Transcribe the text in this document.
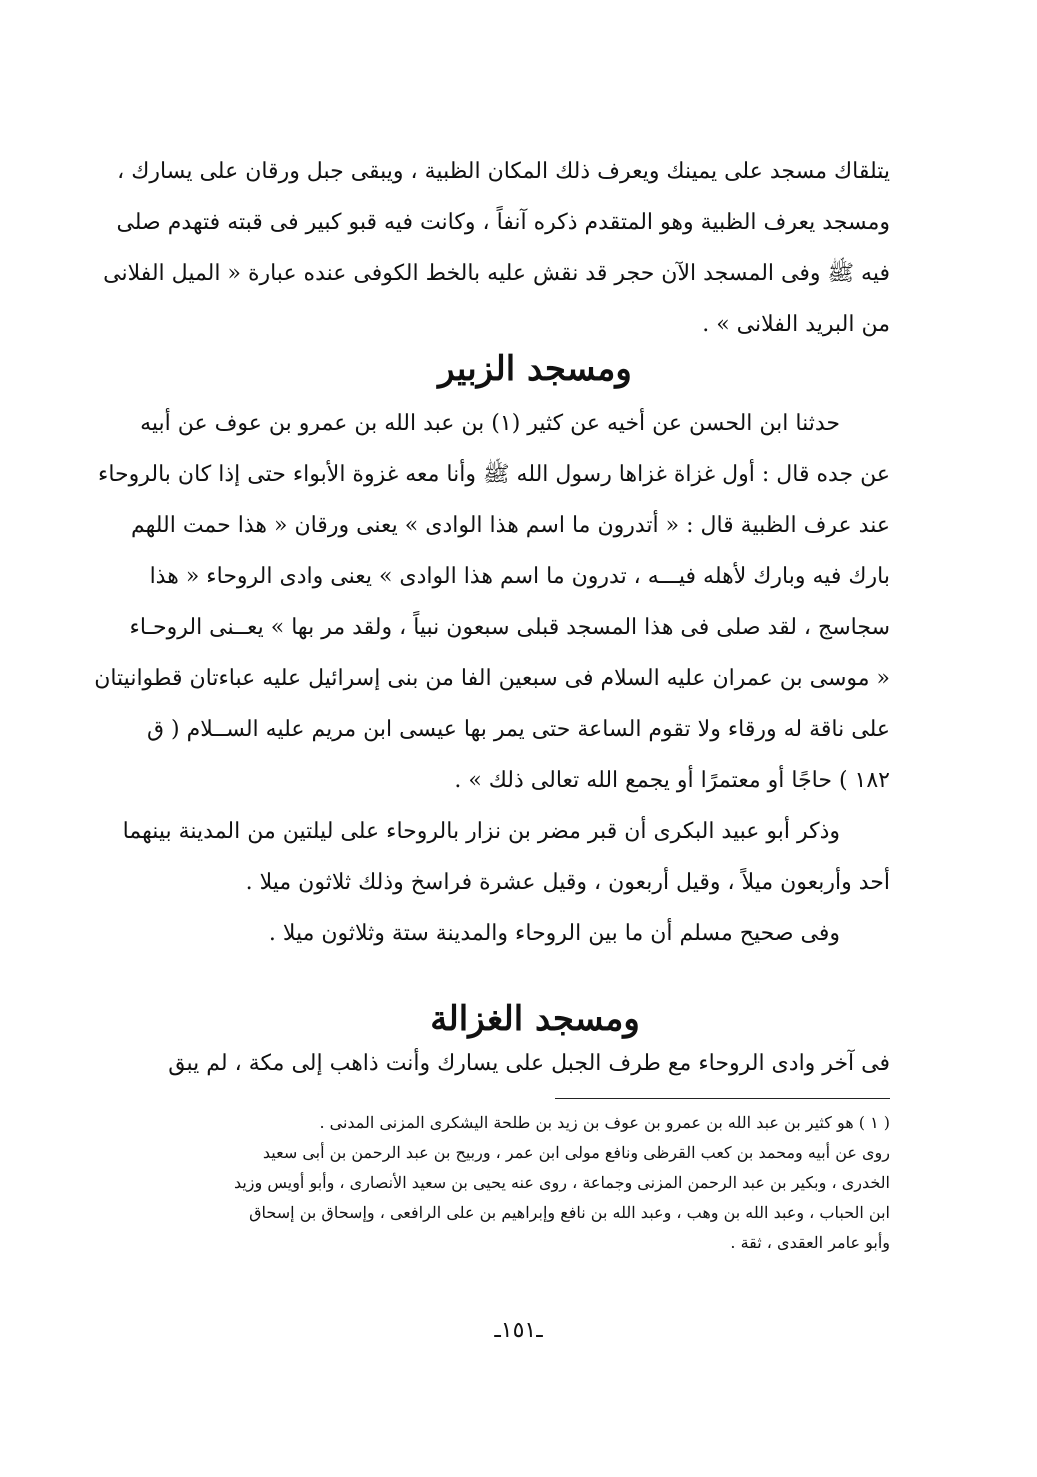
يتلقاك مسجد على يمينك ويعرف ذلك المكان الظبية ، ويبقى جبل ورقان على يسارك ،
ومسجد يعرف الظبية وهو المتقدم ذكره آنفاً ، وكانت فيه قبو كبير فى قبته فتهدم صلى
فيه ﷺ وفى المسجد الآن حجر قد نقش عليه بالخط الكوفى عنده عبارة « الميل الفلانى
من البريد الفلانى » .
ومسجد الزبير
حدثنا ابن الحسن عن أخيه عن كثير (١) بن عبد الله بن عمرو بن عوف عن أبيه
عن جده قال : أول غزاة غزاها رسول الله ﷺ وأنا معه غزوة الأبواء حتى إذا كان بالروحاء
عند عرف الظبية قال : « أتدرون ما اسم هذا الوادى » يعنى ورقان « هذا حمت اللهم
بارك فيه وبارك لأهله فيـــه ، تدرون ما اسم هذا الوادى » يعنى وادى الروحاء « هذا
سجاسج ، لقد صلى فى هذا المسجد قبلى سبعون نبياً ، ولقد مر بها » يعــنى الروحـاء
« موسى بن عمران عليه السلام فى سبعين الفا من بنى إسرائيل عليه عباءتان قطوانيتان
على ناقة له ورقاء ولا تقوم الساعة حتى يمر بها عيسى ابن مريم عليه الســلام ( ق
١٨٢ ) حاجًا أو معتمرًا أو يجمع الله تعالى ذلك » .
وذكر أبو عبيد البكرى أن قبر مضر بن نزار بالروحاء على ليلتين من المدينة بينهما
أحد وأربعون ميلاً ، وقيل أربعون ، وقيل عشرة فراسخ وذلك ثلاثون ميلا .
وفى صحيح مسلم أن ما بين الروحاء والمدينة ستة وثلاثون ميلا .
ومسجد الغزالة
فى آخر وادى الروحاء مع طرف الجبل على يسارك وأنت ذاهب إلى مكة ، لم يبق
( ١ ) هو كثير بن عبد الله بن عمرو بن عوف بن زيد بن طلحة اليشكرى المزنى المدنى .
روى عن أبيه ومحمد بن كعب القرظى ونافع مولى ابن عمر ، وربيح بن عبد الرحمن بن أبى سعيد
الخدرى ، وبكير بن عبد الرحمن المزنى وجماعة ، روى عنه يحيى بن سعيد الأنصارى ، وأبو أويس وزيد
ابن الحباب ، وعبد الله بن وهب ، وعبد الله بن نافع وإبراهيم بن على الرافعى ، وإسحاق بن إسحاق
وأبو عامر العقدى ، ثقة .
ـ١٥١ـ
